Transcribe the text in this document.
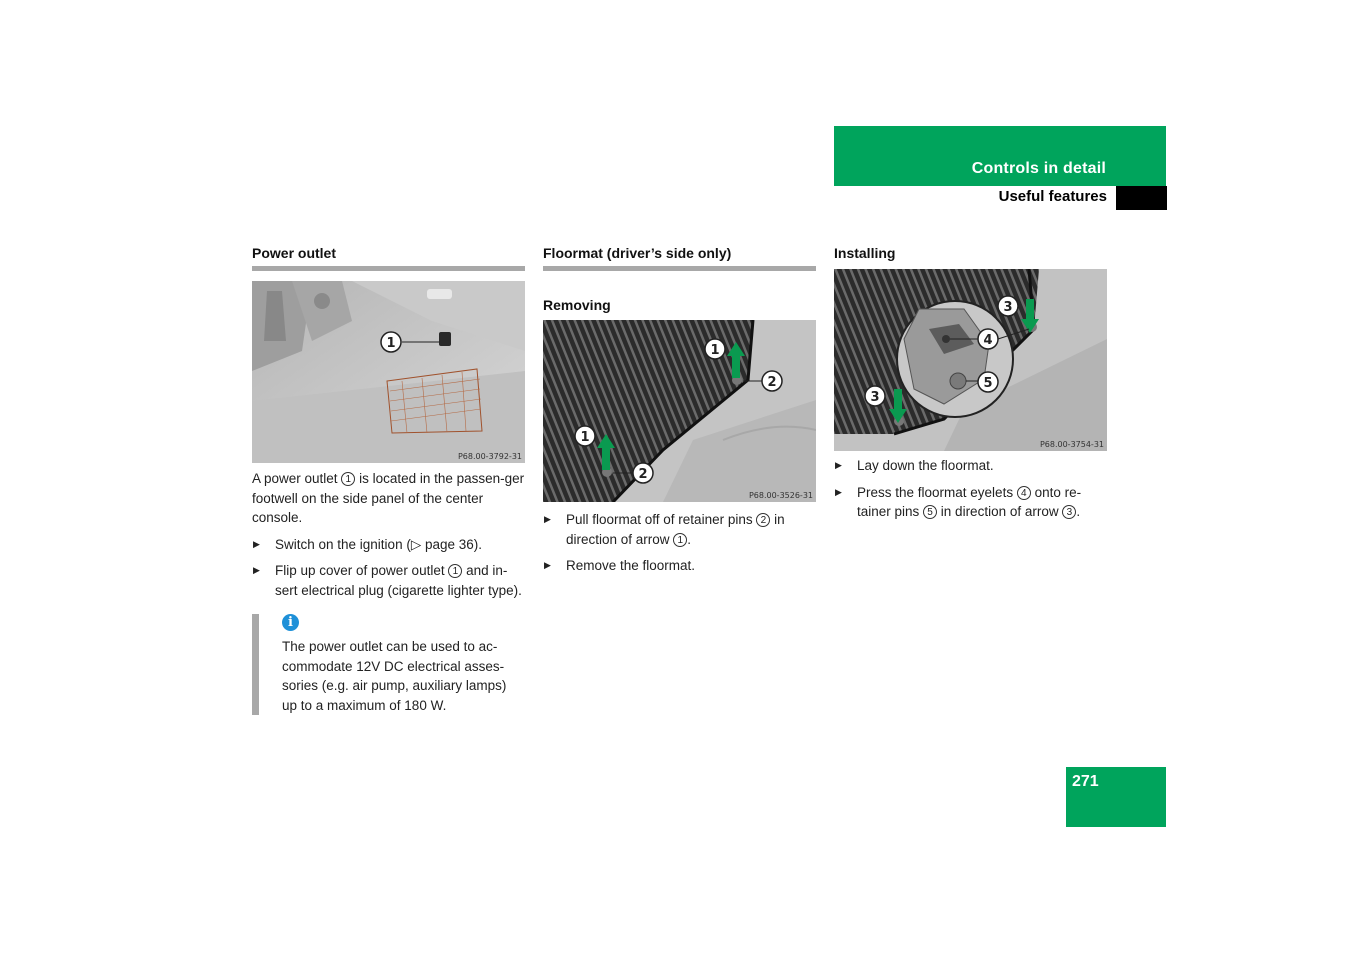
Controls in detail
Useful features
Power outlet
1
P68.00-3792-31

A power outlet 1 is located in the passen-ger footwell on the side panel of the center console.

▶ Switch on the ignition (▷ page 36).
▶ Flip up cover of power outlet 1 and in-sert electrical plug (cigarette lighter type).
i
The power outlet can be used to ac-commodate 12V DC electrical asses-sories (e.g. air pump, auxiliary lamps) up to a maximum of 180 W.
Floormat (driver’s side only)
Removing
1
2
1
2
P68.00-3526-31
▶ Pull floormat off of retainer pins 2 in direction of arrow 1 .
▶ Remove the floormat.
Installing
3
4
5
3
P68.00-3754-31
▶ Lay down the floormat.
▶ Press the floormat eyelets 4 onto re-tainer pins 5 in direction of arrow 3 .
271
